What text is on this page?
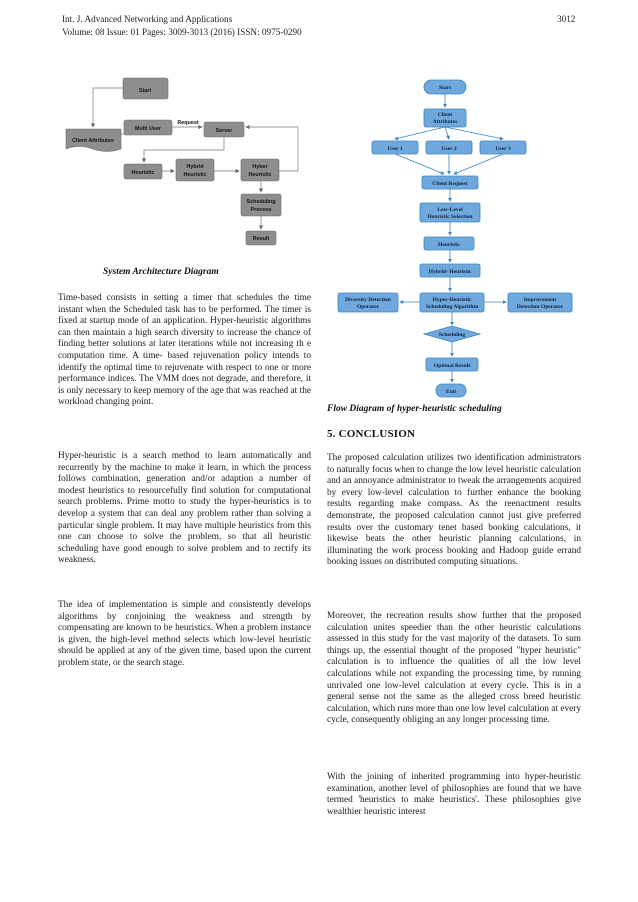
Int. J. Advanced Networking and Applications	3012
Volume: 08 Issue: 01 Pages: 3009-3013 (2016) ISSN: 0975-0290
Start
Client Attributes
Multi User
Request
Server
Heuristic
Hybrid
Heuristic
Hyber
Heuristic
Scheduling
Process
Result
System Architecture Diagram

Time-based consists in setting a timer that schedules the time instant when the Scheduled task has to be performed. The timer is fixed at startup mode of an application. Hyper-heuristic algorithms can then maintain a high search diversity to increase the chance of finding better solutions at later iterations while not increasing th e computation time. A time- based rejuvenation policy intends to identify the optimal time to rejuvenate with respect to one or more performance indices. The VMM does not degrade, and therefore, it is only necessary to keep memory of the age that was reached at the workload changing point.

Hyper-heuristic is a search method to learn automatically and recurrently by the machine to make it learn, in which the process follows combination, generation and/or adaption a number of modest heuristics to resourcefully find solution for computational search problems. Prime motto to study the hyper-heuristics is to develop a system that can deal any problem rather than solving a particular single problem. It may have multiple heuristics from this one can choose to solve the problem, so that all heuristic scheduling have good enough to solve problem and to rectify its weakness.

The idea of implementation is simple and consistently develops algorithms by conjoining the weakness and strength by compensating are known to be heuristics. When a problem instance is given, the high-level method selects which low-level heuristic should be applied at any of the given time, based upon the current problem state, or the search stage.

Start
Client
Attributes
User 1	User 2	User 3
Client Request
Low-Level
Heuristic Selection
Heuristic
Hybrid- Heuristic
Diversity Detection
Operator
Hyper-Heuristic
Scheduling Algorithm
Improvement
Detection Operator
Scheduling
Optimal Result
Exit
Flow Diagram of hyper-heuristic scheduling
5. CONCLUSION

The proposed calculation utilizes two identification administrators to naturally focus when to change the low level heuristic calculation and an annoyance administrator to tweak the arrangements acquired by every low-level calculation to further enhance the booking results regarding make compass. As the reenactment results demonstrate, the proposed calculation cannot just give preferred results over the customary tenet based booking calculations, it likewise beats the other heuristic planning calculations, in illuminating the work process booking and Hadoop guide errand booking issues on distributed computing situations.

Moreover, the recreation results show further that the proposed calculation unites speedier than the other heuristic calculations assessed in this study for the vast majority of the datasets. To sum things up, the essential thought of the proposed "hyper heuristic" calculation is to influence the qualities of all the low level calculations while not expanding the processing time, by running unrivaled one low-level calculation at every cycle. This is in a general sense not the same as the alleged cross breed heuristic calculation, which runs more than one low level calculation at every cycle, consequently obliging an any longer processing time.

With the joining of inherited programming into hyper-heuristic examination, another level of philosophies are found that we have termed 'heuristics to make heuristics'. These philosophies give wealthier heuristic interest
